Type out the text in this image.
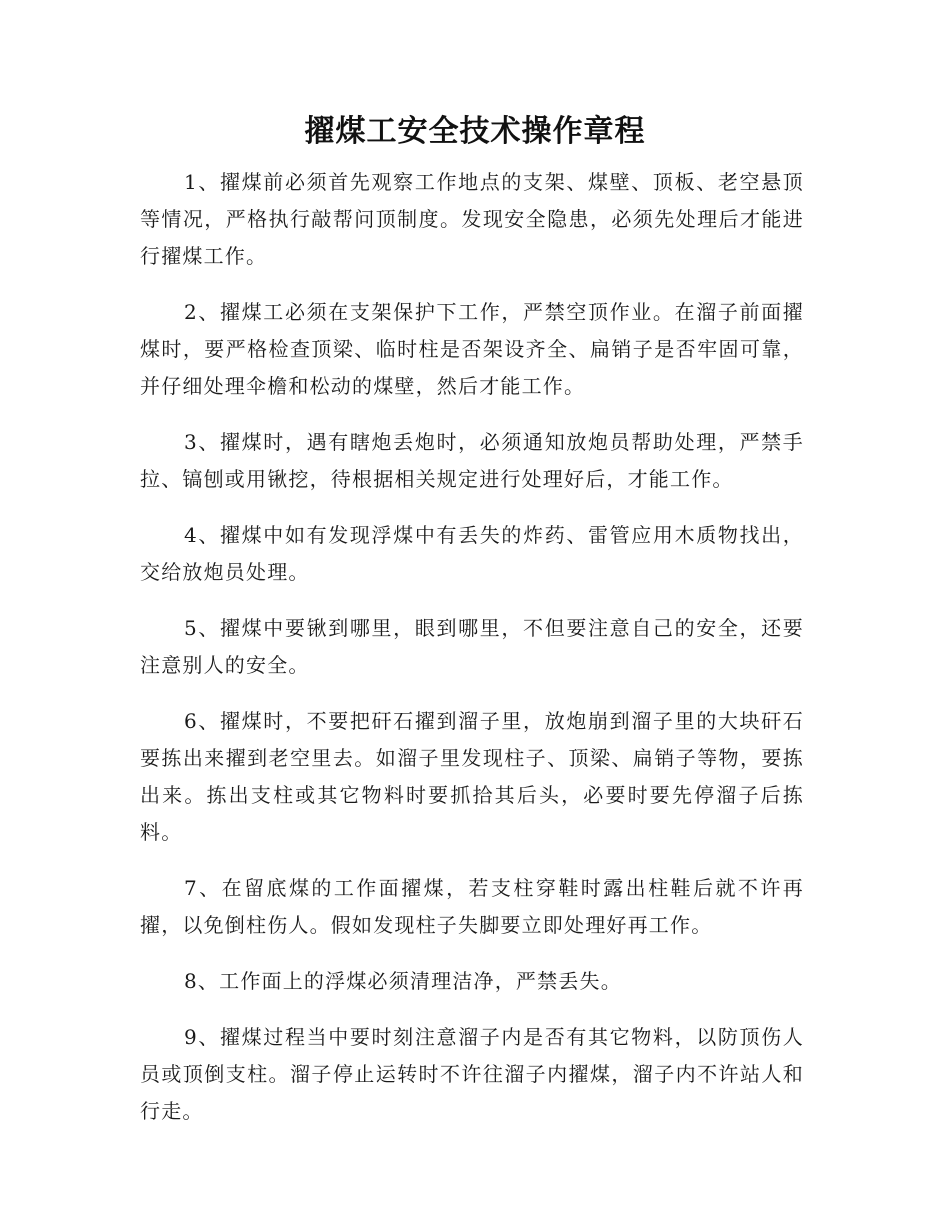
擢煤工安全技术操作章程

1、擢煤前必须首先观察工作地点的支架、煤壁、顶板、老空悬顶等情况，严格执行敲帮问顶制度。发现安全隐患，必须先处理后才能进行擢煤工作。

2、擢煤工必须在支架保护下工作，严禁空顶作业。在溜子前面擢煤时，要严格检查顶梁、临时柱是否架设齐全、扁销子是否牢固可靠，并仔细处理伞檐和松动的煤壁，然后才能工作。

3、擢煤时，遇有瞎炮丢炮时，必须通知放炮员帮助处理，严禁手拉、镐刨或用锹挖，待根据相关规定进行处理好后，才能工作。

4、擢煤中如有发现浮煤中有丢失的炸药、雷管应用木质物找出，交给放炮员处理。

5、擢煤中要锹到哪里，眼到哪里，不但要注意自己的安全，还要注意别人的安全。

6、擢煤时，不要把矸石擢到溜子里，放炮崩到溜子里的大块矸石要拣出来擢到老空里去。如溜子里发现柱子、顶梁、扁销子等物，要拣出来。拣出支柱或其它物料时要抓拾其后头，必要时要先停溜子后拣料。

7、在留底煤的工作面擢煤，若支柱穿鞋时露出柱鞋后就不许再擢，以免倒柱伤人。假如发现柱子失脚要立即处理好再工作。

8、工作面上的浮煤必须清理洁净，严禁丢失。

9、擢煤过程当中要时刻注意溜子内是否有其它物料，以防顶伤人员或顶倒支柱。溜子停止运转时不许往溜子内擢煤，溜子内不许站人和行走。
